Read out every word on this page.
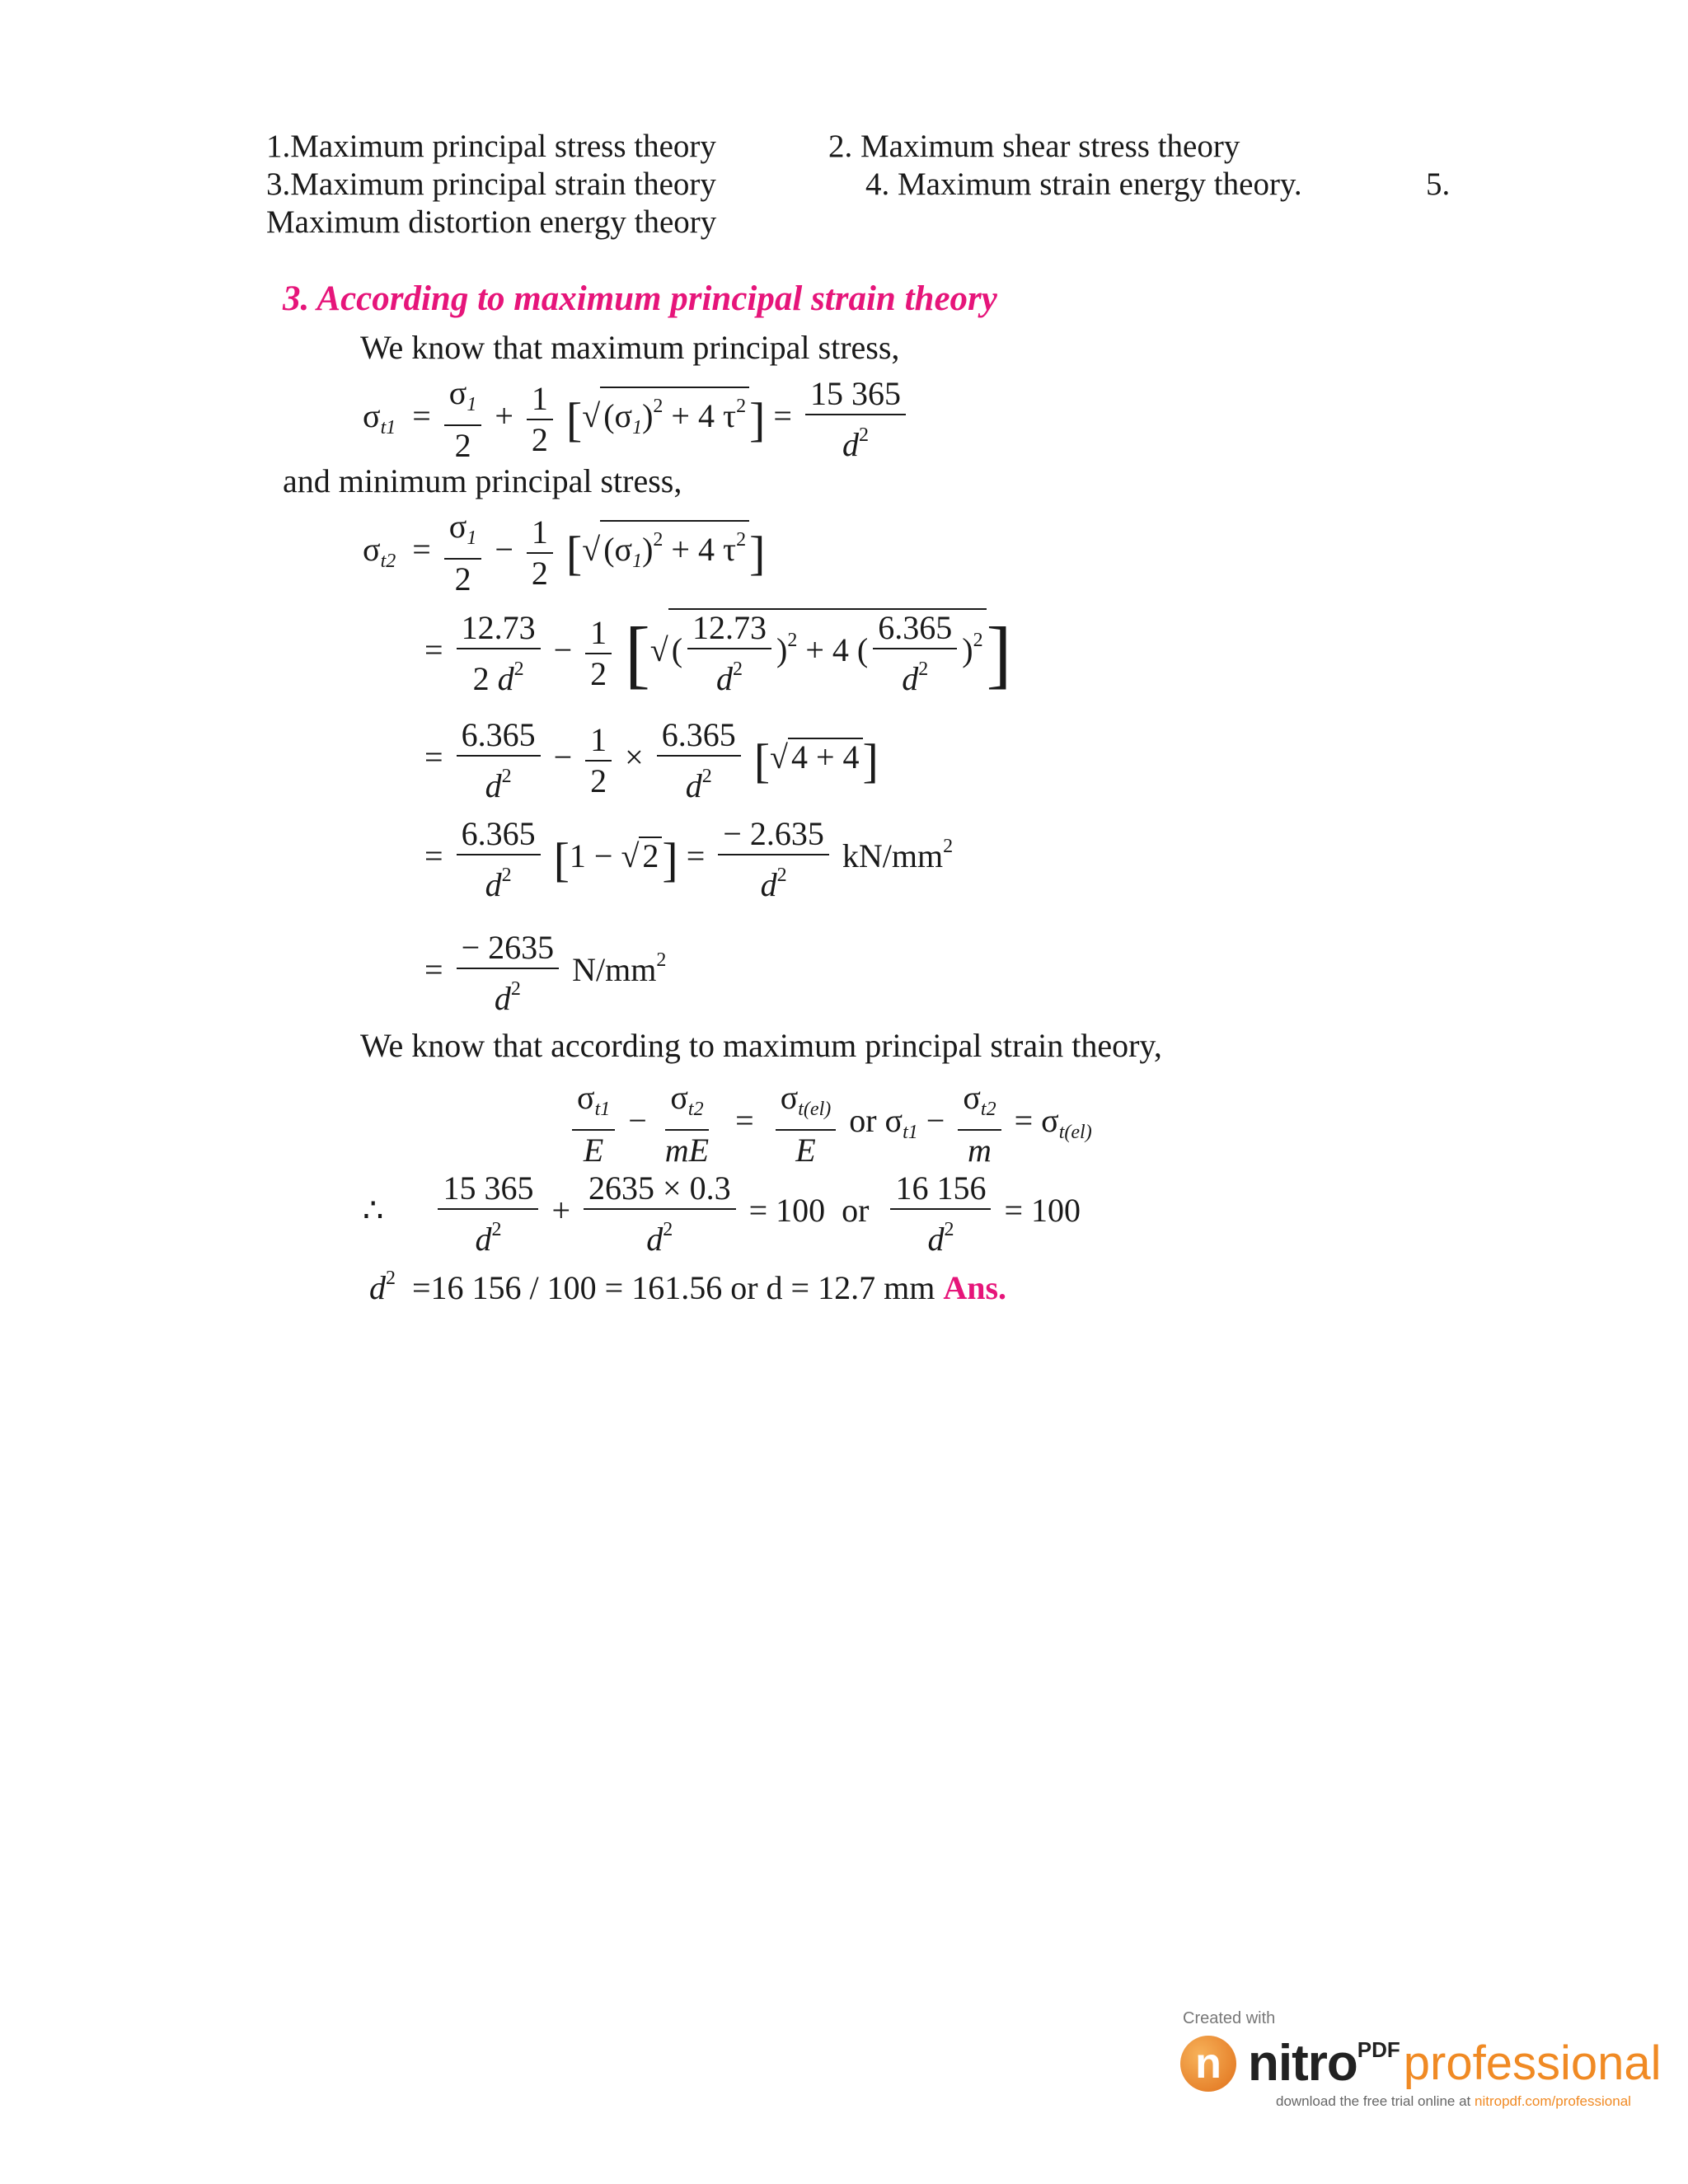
1.Maximum principal stress theory	2. Maximum shear stress theory
3.Maximum principal strain theory	4. Maximum strain energy theory.	5.
Maximum distortion energy theory
3. According to maximum principal strain theory
We know that maximum principal stress,
$\sigma_{t1} = \frac{\sigma_1}{2} + \frac{1}{2}$ [√ $(\sigma_1)^2 + 4$ $\tau^2] = \frac{15 365}{d^2}$
and minimum principal stress,
$\sigma_{t2} = \frac{\sigma_1}{2} - \frac{1}{2}$ [√ $(\sigma_1)^2 + 4$ $\tau^2$]
= $\frac{12.73}{2 d^2} - \frac{1}{2}$ [√( $\frac{12.73}{d^2} )^2 + 4$ ( $\frac{6.365}{d^2} )^2$]
= $\frac{6.365}{d^2} - \frac{1}{2} \times \frac{6.365}{d^2}$ [√ 4 + 4]
= $\frac{6.365}{d^2} [1$ − √ $2] = \frac{- 2.635}{d^2} kN/mm^2$
= $\frac{- 2635}{d^2} N/mm^2$
We know that according to maximum principal strain theory,
$\frac{\sigma_{t1}}{E} - \frac{\sigma_{t2}}{mE} = \frac{\sigma_{t(el)}}{E}$ or $\sigma_{t1} - \frac{\sigma_{t2}}{m} = \sigma_{t(el)}$
∴ $\frac{15 365}{d^2} + \frac{2635 \times 0.3}{d^2} = 100$  or $\frac{16 156}{d^2} = 100$
$d^2 =16$ 156 / 100 = 161.56 or d = 12.7 mm Ans.
Created with
n nitro PDF professional
download the free trial online at nitropdf.com/professional
